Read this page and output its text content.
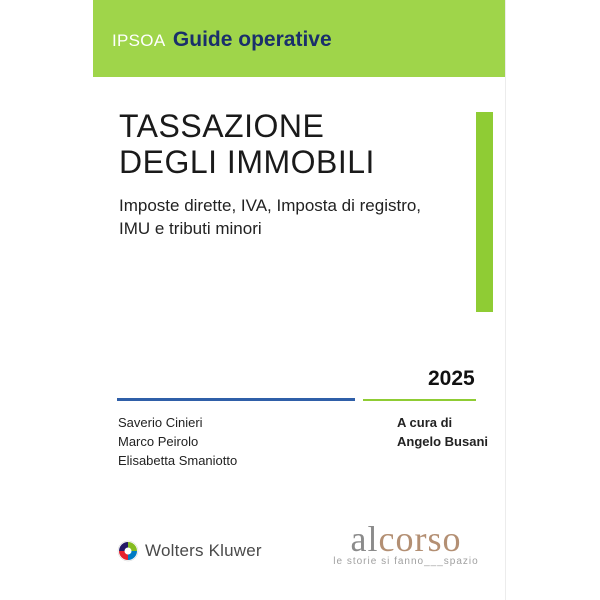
IPSOA Guide operative
TASSAZIONE
DEGLI IMMOBILI

Imposte dirette, IVA, Imposta di registro,
IMU e tributi minori

2025
Saverio Cinieri
Marco Peirolo
Elisabetta Smaniotto
A cura di
Angelo Busani
Wolters Kluwer	alcorso
le storie si fanno___spazio
